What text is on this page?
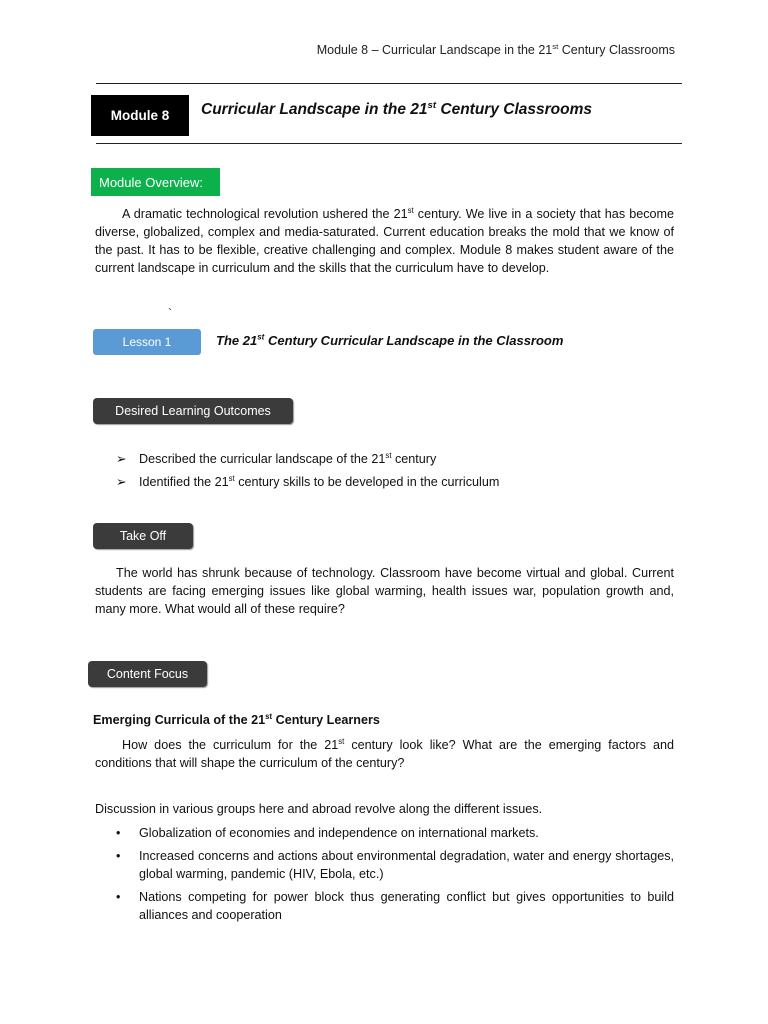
Module 8 – Curricular Landscape in the 21st Century Classrooms
Module 8 Curricular Landscape in the 21st Century Classrooms
Module Overview:
A dramatic technological revolution ushered the 21st century. We live in a society that has become diverse, globalized, complex and media-saturated. Current education breaks the mold that we know of the past. It has to be flexible, creative challenging and complex. Module 8 makes student aware of the current landscape in curriculum and the skills that the curriculum have to develop.
`
Lesson 1	The 21st Century Curricular Landscape in the Classroom
Desired Learning Outcomes
➢ Described the curricular landscape of the 21st century
➢ Identified the 21st century skills to be developed in the curriculum
Take Off
The world has shrunk because of technology. Classroom have become virtual and global. Current students are facing emerging issues like global warming, health issues war, population growth and, many more. What would all of these require?
Content Focus
Emerging Curricula of the 21st Century Learners
How does the curriculum for the 21st century look like? What are the emerging factors and conditions that will shape the curriculum of the century?
Discussion in various groups here and abroad revolve along the different issues.
•	Globalization of economies and independence on international markets.
•	Increased concerns and actions about environmental degradation, water and energy shortages, global warming, pandemic (HIV, Ebola, etc.)
•	Nations competing for power block thus generating conflict but gives opportunities to build alliances and cooperation
